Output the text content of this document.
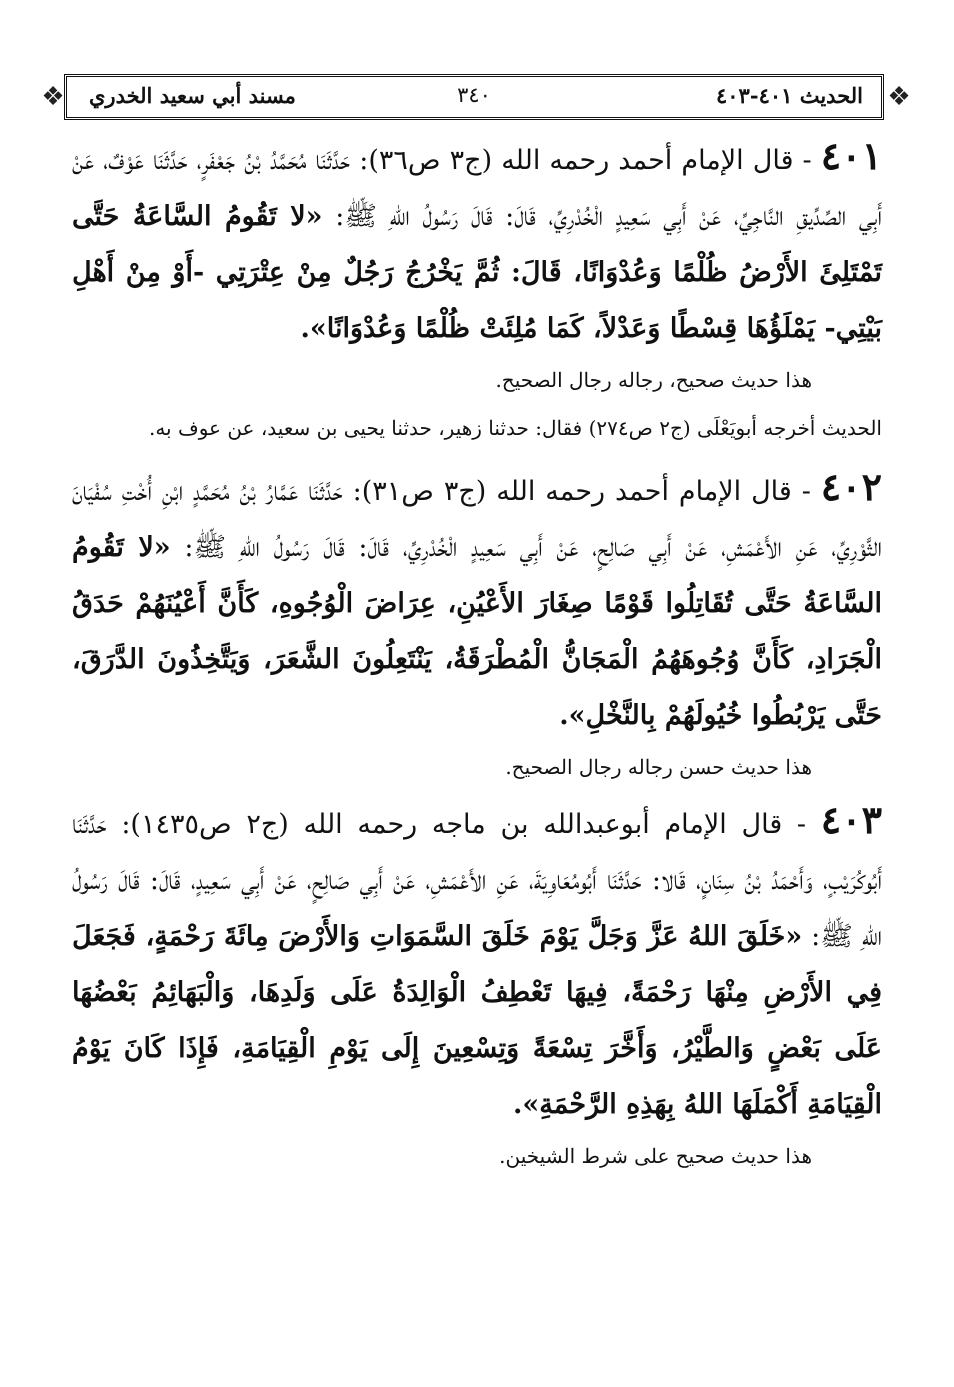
❖	❖
الحديث ٤٠١-٤٠٣
٣٤٠
مسند أبي سعيد الخدري

٤٠١ - قال الإمام أحمد رحمه الله (ج٣ ص٣٦): حَدَّثَنَا مُحَمَّدُ بْنُ جَعْفَرٍ، حَدَّثَنَا عَوْفٌ، عَنْ أَبِي الصِّدِّيقِ النَّاجِيِّ، عَنْ أَبِي سَعِيدٍ الْخُدْرِيِّ، قَالَ: قَالَ رَسُولُ اللهِ ﷺ: «لا تَقُومُ السَّاعَةُ حَتَّى تَمْتَلِئَ الأَرْضُ ظُلْمًا وَعُدْوَانًا، قَالَ: ثُمَّ يَخْرُجُ رَجُلٌ مِنْ عِتْرَتِي -أَوْ مِنْ أَهْلِ بَيْتِي- يَمْلَؤُهَا قِسْطًا وَعَدْلاً، كَمَا مُلِئَتْ ظُلْمًا وَعُدْوَانًا».

هذا حديث صحيح، رجاله رجال الصحيح.

الحديث أخرجه أبويَعْلَى (ج٢ ص٢٧٤) فقال: حدثنا زهير، حدثنا يحيى بن سعيد، عن عوف به.

٤٠٢ - قال الإمام أحمد رحمه الله (ج٣ ص٣١): حَدَّثَنَا عَمَّارُ بْنُ مُحَمَّدٍ ابْنِ أُخْتِ سُفْيَانَ الثَّوْرِيِّ، عَنِ الأَعْمَشِ، عَنْ أَبِي صَالِحٍ، عَنْ أَبِي سَعِيدٍ الْخُدْرِيِّ، قَالَ: قَالَ رَسُولُ اللهِ ﷺ: «لا تَقُومُ السَّاعَةُ حَتَّى تُقَاتِلُوا قَوْمًا صِغَارَ الأَعْيُنِ، عِرَاضَ الْوُجُوهِ، كَأَنَّ أَعْيُنَهُمْ حَدَقُ الْجَرَادِ، كَأَنَّ وُجُوهَهُمُ الْمَجَانُّ الْمُطْرَقَةُ، يَنْتَعِلُونَ الشَّعَرَ، وَيَتَّخِذُونَ الدَّرَقَ، حَتَّى يَرْبُطُوا خُيُولَهُمْ بِالنَّخْلِ».

هذا حديث حسن رجاله رجال الصحيح.

٤٠٣ - قال الإمام أبوعبدالله بن ماجه رحمه الله (ج٢ ص١٤٣٥): حَدَّثَنَا أَبُوكُرَيْبٍ، وَأَحْمَدُ بْنُ سِنَانٍ، قَالا: حَدَّثَنَا أَبُومُعَاوِيَةَ، عَنِ الأَعْمَشِ، عَنْ أَبِي صَالِحٍ، عَنْ أَبِي سَعِيدٍ، قَالَ: قَالَ رَسُولُ اللهِ ﷺ: «خَلَقَ اللهُ عَزَّ وَجَلَّ يَوْمَ خَلَقَ السَّمَوَاتِ وَالأَرْضَ مِائَةَ رَحْمَةٍ، فَجَعَلَ فِي الأَرْضِ مِنْهَا رَحْمَةً، فِيهَا تَعْطِفُ الْوَالِدَةُ عَلَى وَلَدِهَا، وَالْبَهَائِمُ بَعْضُهَا عَلَى بَعْضٍ وَالطَّيْرُ، وَأَخَّرَ تِسْعَةً وَتِسْعِينَ إِلَى يَوْمِ الْقِيَامَةِ، فَإِذَا كَانَ يَوْمُ الْقِيَامَةِ أَكْمَلَهَا اللهُ بِهَذِهِ الرَّحْمَةِ».

هذا حديث صحيح على شرط الشيخين.
